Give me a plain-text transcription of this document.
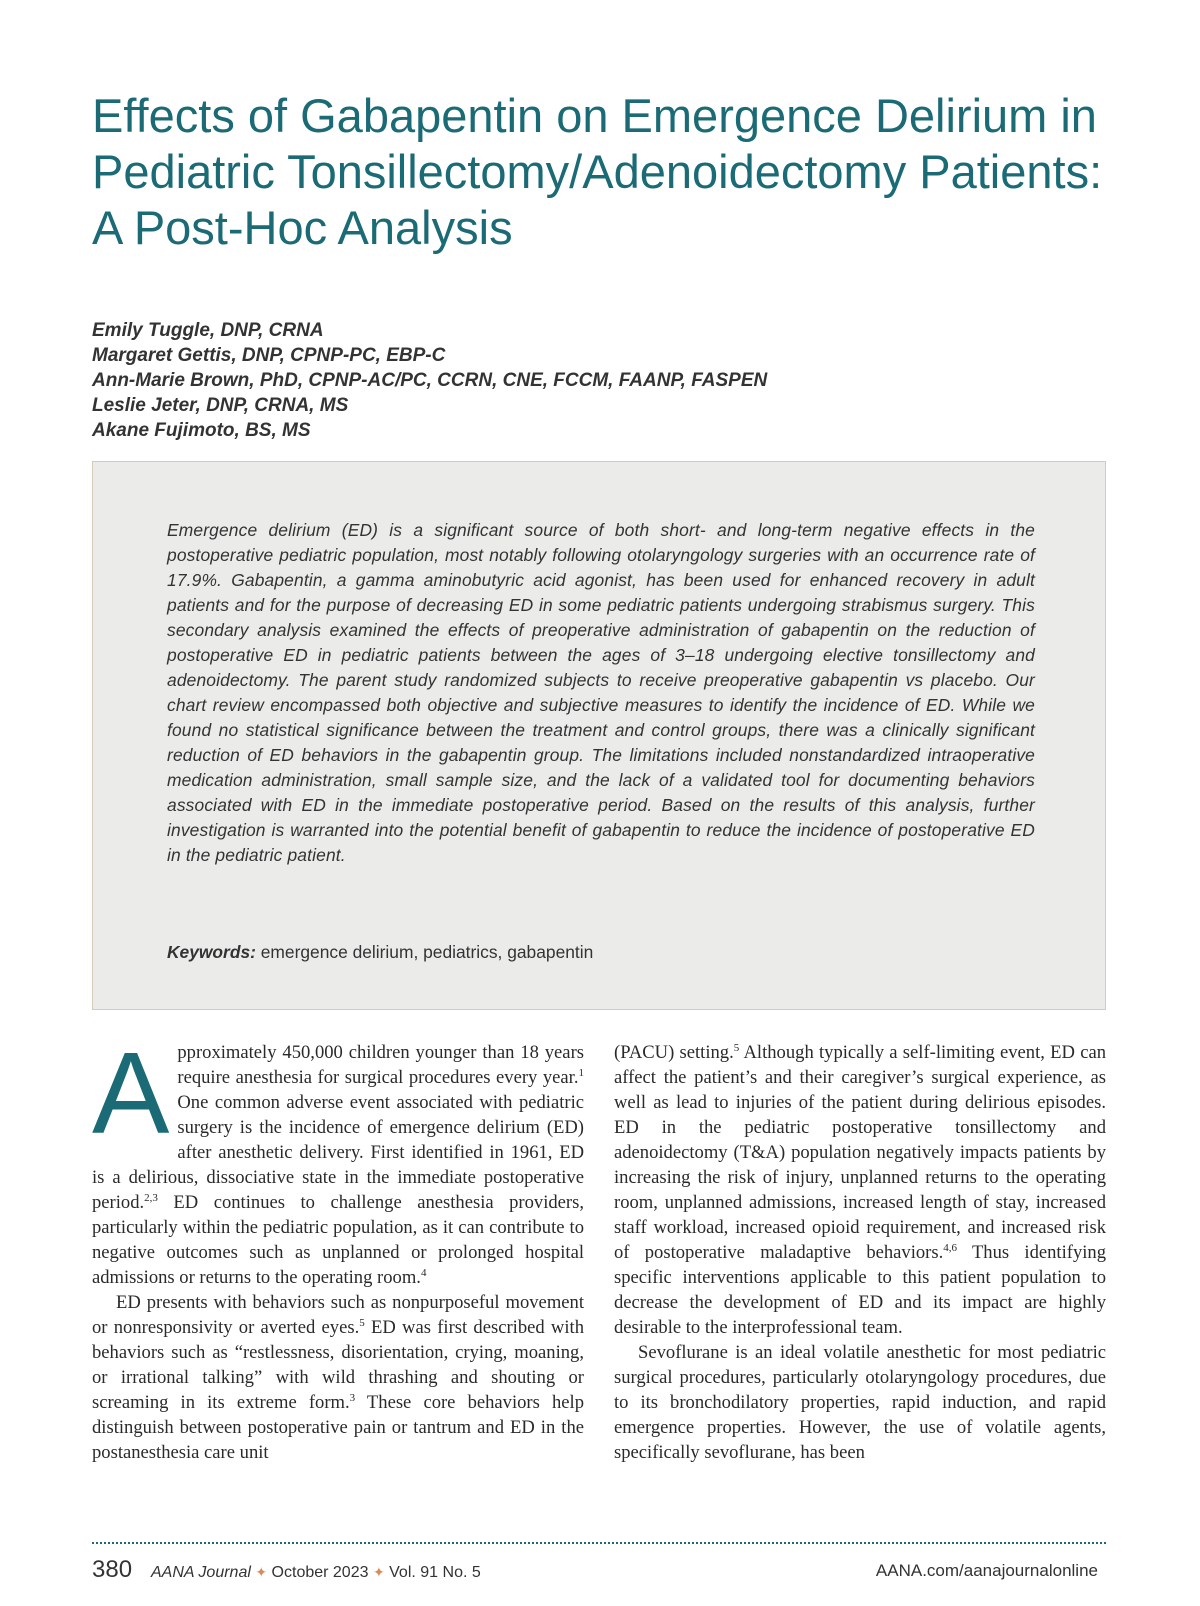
Effects of Gabapentin on Emergence Delirium in Pediatric Tonsillectomy/Adenoidectomy Patients: A Post-Hoc Analysis
Emily Tuggle, DNP, CRNA
Margaret Gettis, DNP, CPNP-PC, EBP-C
Ann-Marie Brown, PhD, CPNP-AC/PC, CCRN, CNE, FCCM, FAANP, FASPEN
Leslie Jeter, DNP, CRNA, MS
Akane Fujimoto, BS, MS

Emergence delirium (ED) is a significant source of both short- and long-term negative effects in the postoperative pediatric population, most notably following otolaryngology surgeries with an occurrence rate of 17.9%. Gabapentin, a gamma aminobutyric acid agonist, has been used for enhanced recovery in adult patients and for the purpose of decreasing ED in some pediatric patients undergoing strabismus surgery. This secondary analysis examined the effects of preoperative administration of gabapentin on the reduction of postoperative ED in pediatric patients between the ages of 3–18 undergoing elective tonsillectomy and adenoidectomy. The parent study randomized subjects to receive preoperative gabapentin vs placebo. Our chart review encompassed both objective and subjective measures to identify the incidence of ED. While we found no statistical significance between the treatment and control groups, there was a clinically significant reduction of ED behaviors in the gabapentin group. The limitations included nonstandardized intraoperative medication administration, small sample size, and the lack of a validated tool for documenting behaviors associated with ED in the immediate postoperative period. Based on the results of this analysis, further investigation is warranted into the potential benefit of gabapentin to reduce the incidence of postoperative ED in the pediatric patient.

Keywords: emergence delirium, pediatrics, gabapentin

Approximately 450,000 children younger than 18 years require anesthesia for surgical procedures every year.$^1$ One common adverse event associated with pediatric surgery is the incidence of emergence delirium (ED) after anesthetic delivery. First identified in 1961, ED is a delirious, dissociative state in the immediate postoperative period.$^{2,3}$ ED continues to challenge anesthesia providers, particularly within the pediatric population, as it can contribute to negative outcomes such as unplanned or prolonged hospital admissions or returns to the operating room.$^4$

ED presents with behaviors such as nonpurposeful movement or nonresponsivity or averted eyes.$^5$ ED was first described with behaviors such as “restlessness, disorientation, crying, moaning, or irrational talking” with wild thrashing and shouting or screaming in its extreme form.$^3$ These core behaviors help distinguish between postoperative pain or tantrum and ED in the postanesthesia care unit

(PACU) setting.$^5$ Although typically a self-limiting event, ED can affect the patient’s and their caregiver’s surgical experience, as well as lead to injuries of the patient during delirious episodes. ED in the pediatric postoperative tonsillectomy and adenoidectomy (T&A) population negatively impacts patients by increasing the risk of injury, unplanned returns to the operating room, unplanned admissions, increased length of stay, increased staff workload, increased opioid requirement, and increased risk of postoperative maladaptive behaviors.$^{4,6}$ Thus identifying specific interventions applicable to this patient population to decrease the development of ED and its impact are highly desirable to the interprofessional team.

Sevoflurane is an ideal volatile anesthetic for most pediatric surgical procedures, particularly otolaryngology procedures, due to its bronchodilatory properties, rapid induction, and rapid emergence properties. However, the use of volatile agents, specifically sevoflurane, has been

380 AANA Journal ✦ October 2023 ✦ Vol. 91 No. 5	AANA.com/aanajournalonline
